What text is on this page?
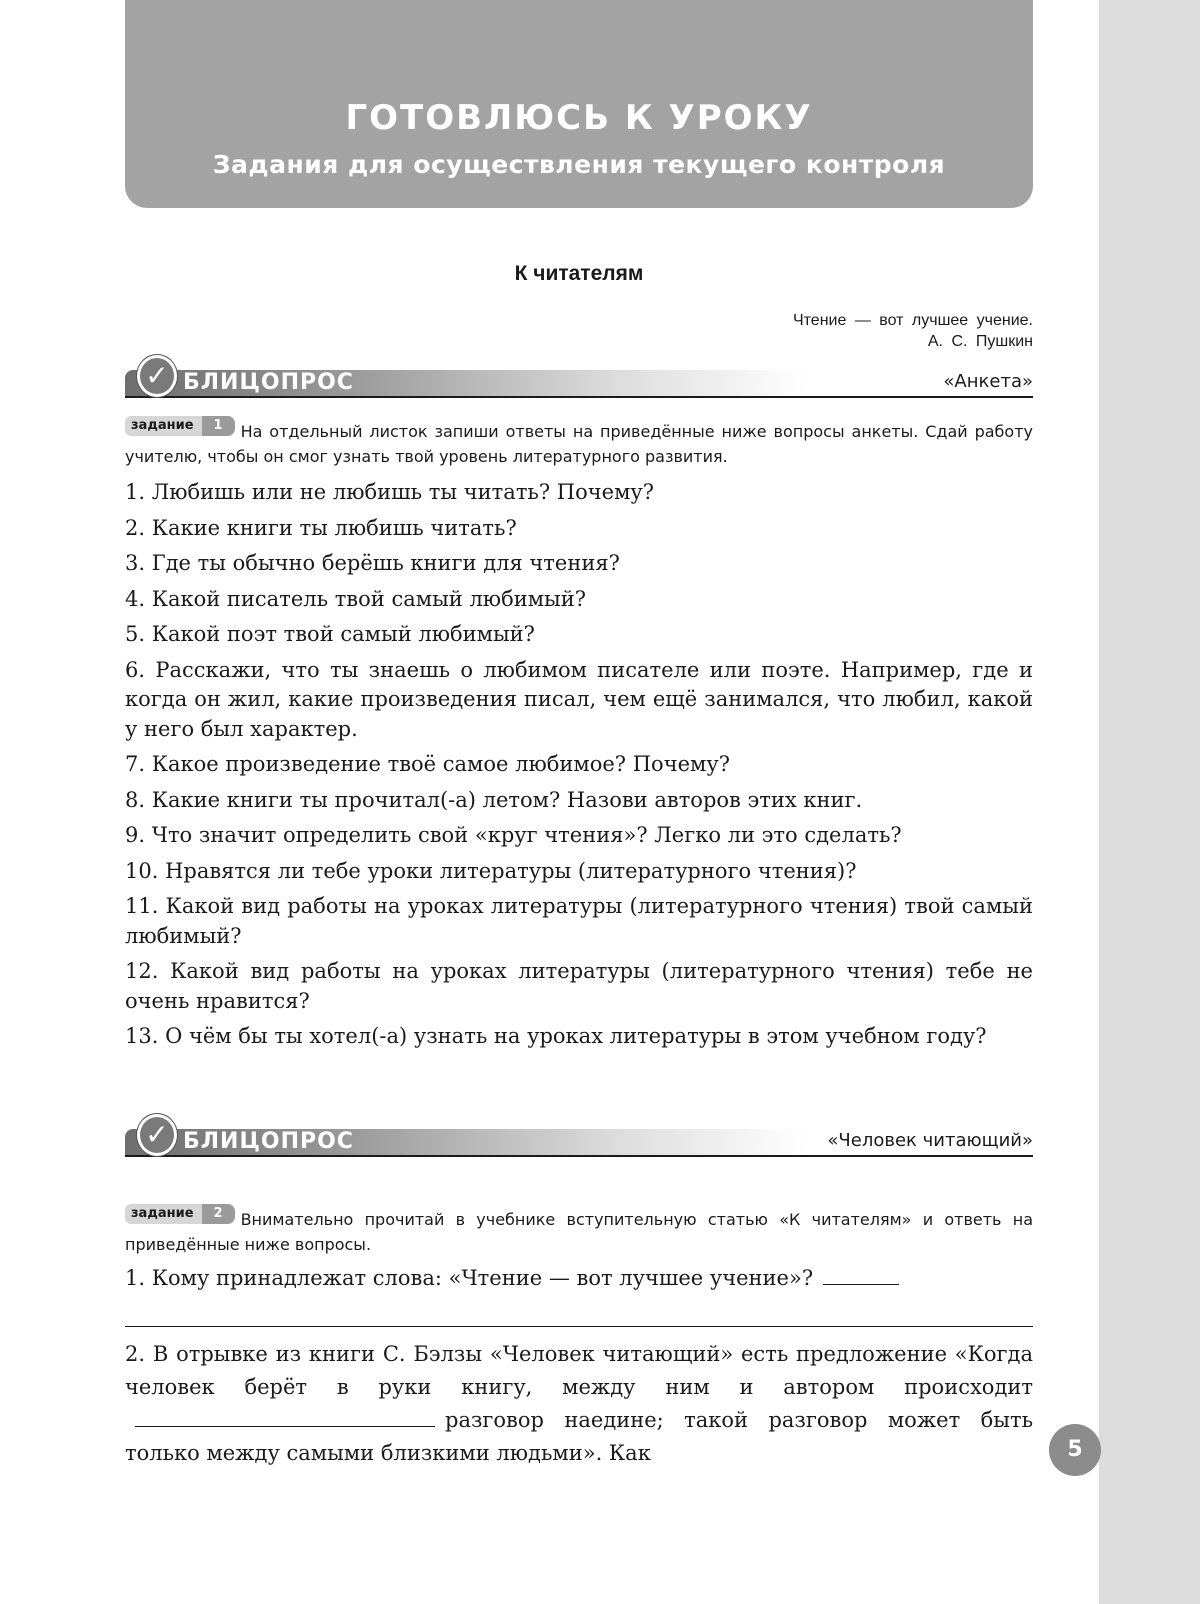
ГОТОВЛЮСЬ К УРОКУ
Задания для осуществления текущего контроля
К читателям
Чтение — вот лучшее учение.
А. С. Пушкин
✓ БЛИЦОПРОС	«Анкета»
задание 1 На отдельный листок запиши ответы на приведённые ниже вопросы анкеты. Сдай работу учителю, чтобы он смог узнать твой уровень литературного развития.
1. Любишь или не любишь ты читать? Почему?
2. Какие книги ты любишь читать?
3. Где ты обычно берёшь книги для чтения?
4. Какой писатель твой самый любимый?
5. Какой поэт твой самый любимый?
6. Расскажи, что ты знаешь о любимом писателе или поэте. Например, где и когда он жил, какие произведения писал, чем ещё занимался, что любил, какой у него был характер.
7. Какое произведение твоё самое любимое? Почему?
8. Какие книги ты прочитал(-а) летом? Назови авторов этих книг.
9. Что значит определить свой «круг чтения»? Легко ли это сделать?
10. Нравятся ли тебе уроки литературы (литературного чтения)?
11. Какой вид работы на уроках литературы (литературного чтения) твой самый любимый?
12. Какой вид работы на уроках литературы (литературного чтения) тебе не очень нравится?
13. О чём бы ты хотел(-а) узнать на уроках литературы в этом учебном году?
✓ БЛИЦОПРОС	«Человек читающий»
задание 2 Внимательно прочитай в учебнике вступительную статью «К читателям» и ответь на приведённые ниже вопросы.
1. Кому принадлежат слова: «Чтение — вот лучшее учение»?
2. В отрывке из книги С. Бэлзы «Человек читающий» есть предложение «Когда человек берёт в руки книгу, между ним и автором происходитразговор наедине; такой разговор может быть только между самыми близкими людьми». Как	5
